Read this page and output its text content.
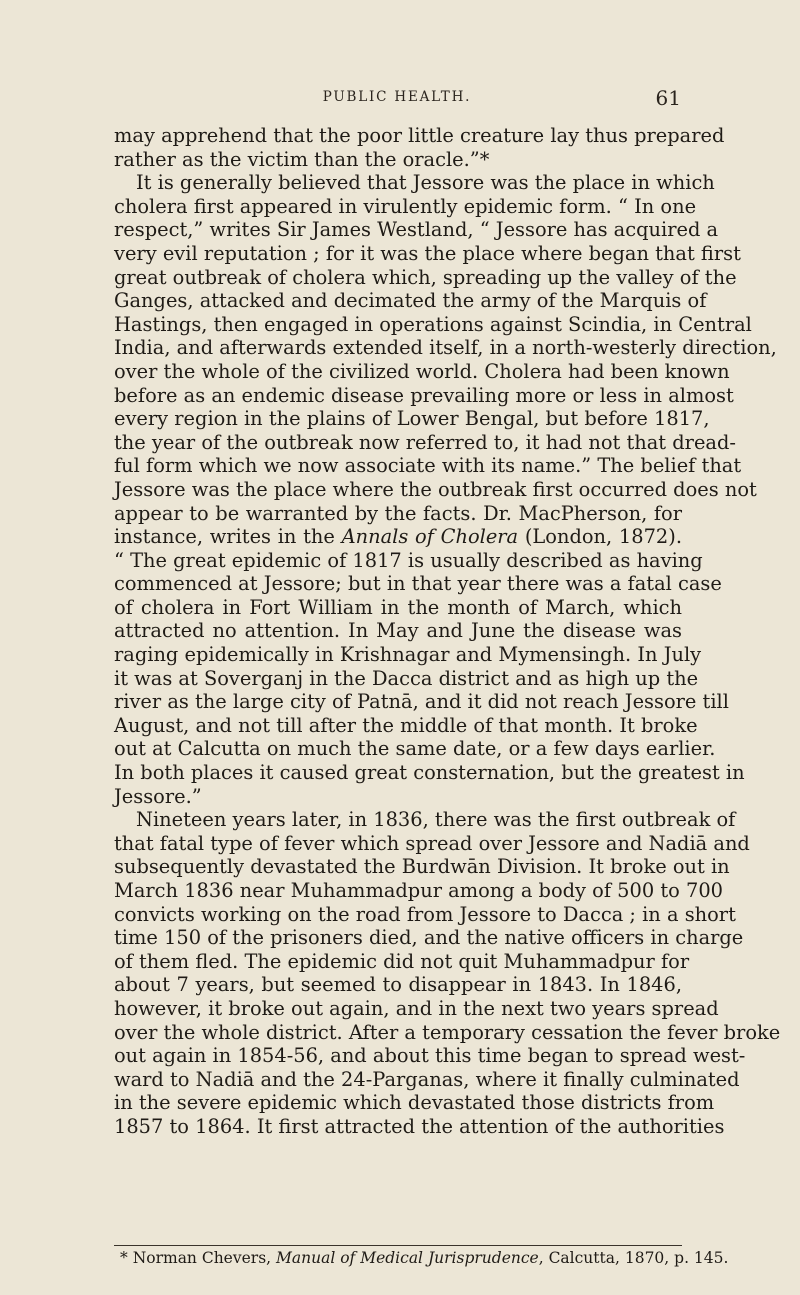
PUBLIC HEALTH.	61
may apprehend that the poor little creature lay thus prepared
rather as the victim than the oracle.”*
It is generally believed that Jessore was the place in which
cholera first appeared in virulently epidemic form. “ In one
respect,” writes Sir James Westland, “ Jessore has acquired a
very evil reputation ; for it was the place where began that first
great outbreak of cholera which, spreading up the valley of the
Ganges, attacked and decimated the army of the Marquis of
Hastings, then engaged in operations against Scindia, in Central
India, and afterwards extended itself, in a north-westerly direction,
over the whole of the civilized world. Cholera had been known
before as an endemic disease prevailing more or less in almost
every region in the plains of Lower Bengal, but before 1817,
the year of the outbreak now referred to, it had not that dread-
ful form which we now associate with its name.” The belief that
Jessore was the place where the outbreak first occurred does not
appear to be warranted by the facts. Dr. MacPherson, for
instance, writes in the Annals of Cholera (London, 1872).
“ The great epidemic of 1817 is usually described as having
commenced at Jessore; but in that year there was a fatal case
of cholera in Fort William in the month of March, which
attracted no attention. In May and June the disease was
raging epidemically in Krishnagar and Mymensingh. In July
it was at Soverganj in the Dacca district and as high up the
river as the large city of Patnā, and it did not reach Jessore till
August, and not till after the middle of that month. It broke
out at Calcutta on much the same date, or a few days earlier.
In both places it caused great consternation, but the greatest in
Jessore.”
Nineteen years later, in 1836, there was the first outbreak of
that fatal type of fever which spread over Jessore and Nadiā and
subsequently devastated the Burdwān Division. It broke out in
March 1836 near Muhammadpur among a body of 500 to 700
convicts working on the road from Jessore to Dacca ; in a short
time 150 of the prisoners died, and the native officers in charge
of them fled. The epidemic did not quit Muhammadpur for
about 7 years, but seemed to disappear in 1843. In 1846,
however, it broke out again, and in the next two years spread
over the whole district. After a temporary cessation the fever broke
out again in 1854-56, and about this time began to spread west-
ward to Nadiā and the 24-Parganas, where it finally culminated
in the severe epidemic which devastated those districts from
1857 to 1864. It first attracted the attention of the authorities
* Norman Chevers, Manual of Medical Jurisprudence, Calcutta, 1870, p. 145.
